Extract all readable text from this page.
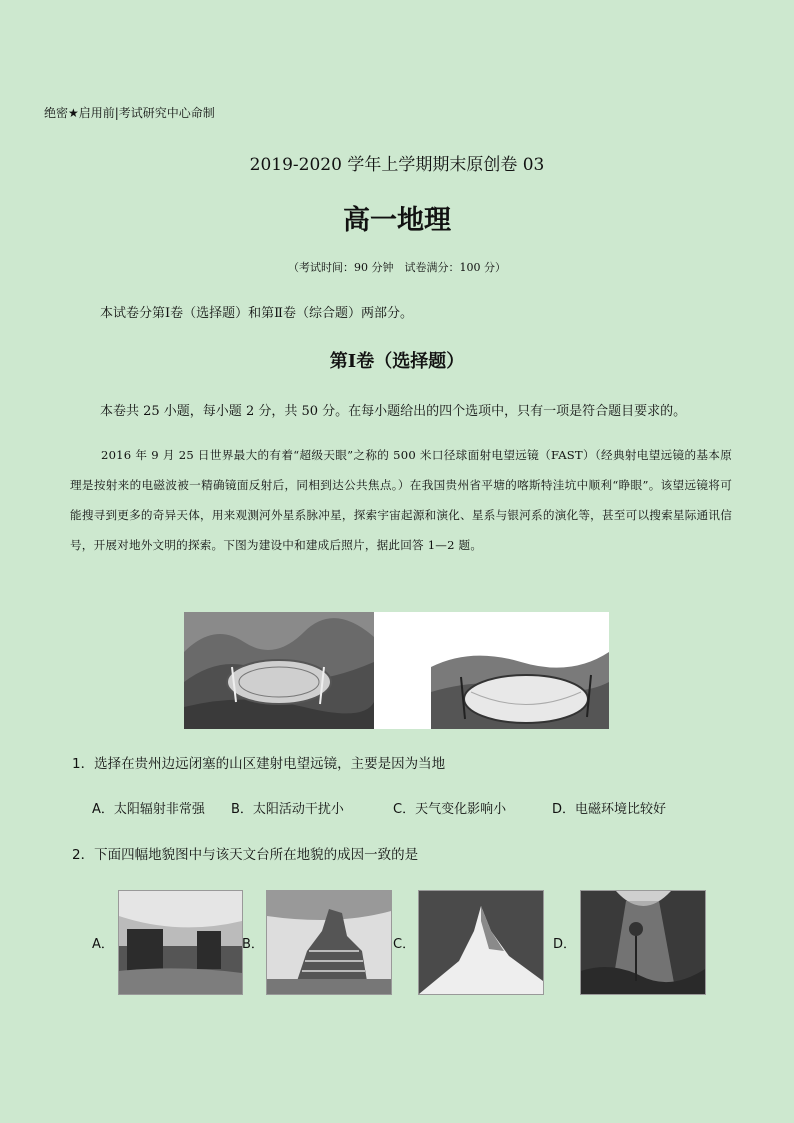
绝密★启用前|考试研究中心命制
2019-2020 学年上学期期末原创卷 03
高一地理
（考试时间：90 分钟　试卷满分：100 分）
本试卷分第Ⅰ卷（选择题）和第Ⅱ卷（综合题）两部分。
第Ⅰ卷（选择题）
本卷共 25 小题，每小题 2 分，共 50 分。在每小题给出的四个选项中，只有一项是符合题目要求的。
2016 年 9 月 25 日世界最大的有着“超级天眼”之称的 500 米口径球面射电望远镜（FAST）（经典射电望远镜的基本原理是按射来的电磁波被一精确镜面反射后，同相到达公共焦点。）在我国贵州省平塘的喀斯特洼坑中顺利“睁眼”。该望远镜将可能搜寻到更多的奇异天体，用来观测河外星系脉冲星，探索宇宙起源和演化、星系与银河系的演化等，甚至可以搜索星际通讯信号，开展对地外文明的探索。下图为建设中和建成后照片，据此回答 1—2 题。
1．选择在贵州边远闭塞的山区建射电望远镜，主要是因为当地
A．太阳辐射非常强 B．太阳活动干扰小	C．天气变化影响小	D．电磁环境比较好
2．下面四幅地貌图中与该天文台所在地貌的成因一致的是
A．	B．	C．	D．
